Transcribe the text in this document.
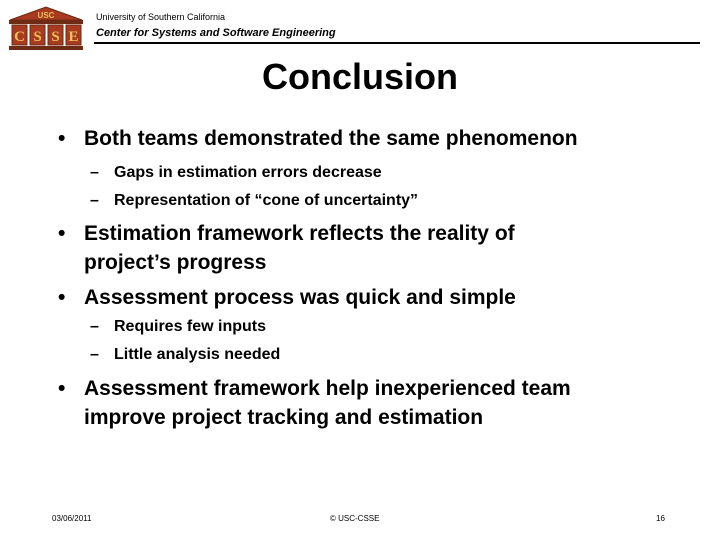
USC
C S S E
University of Southern California
Center for Systems and Software Engineering
Conclusion
• Both teams demonstrated the same phenomenon
– Gaps in estimation errors decrease
– Representation of “cone of uncertainty”
• Estimation framework reflects the reality of
project’s progress
• Assessment process was quick and simple
– Requires few inputs
– Little analysis needed
• Assessment framework help inexperienced team
improve project tracking and estimation
03/06/2011	© USC-CSSE	16
